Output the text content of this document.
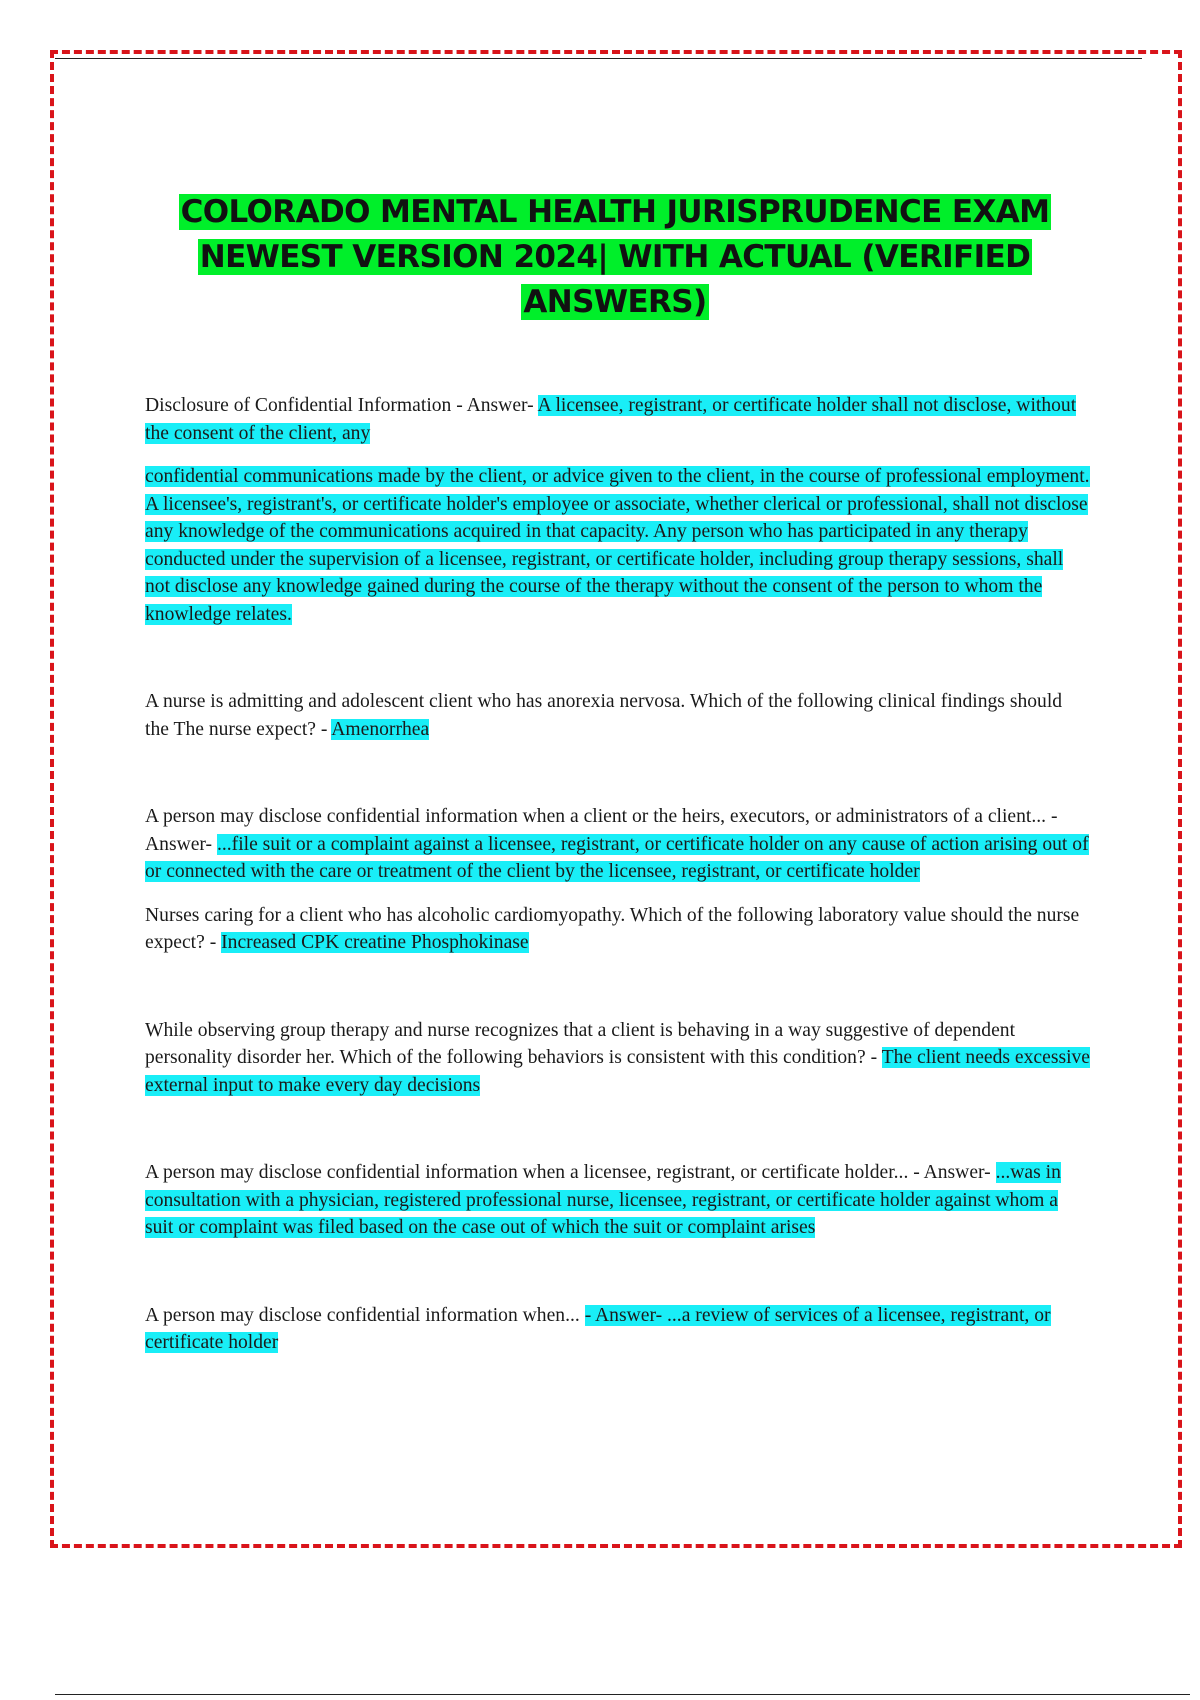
COLORADO MENTAL HEALTH JURISPRUDENCE EXAM
NEWEST VERSION 2024| WITH ACTUAL (VERIFIED
ANSWERS)

Disclosure of Confidential Information - Answer- A licensee, registrant, or certificate holder shall not disclose, without the consent of the client, any

confidential communications made by the client, or advice given to the client, in the course of professional employment. A licensee's, registrant's, or certificate holder's employee or associate, whether clerical or professional, shall not disclose any knowledge of the communications acquired in that capacity. Any person who has participated in any therapy conducted under the supervision of a licensee, registrant, or certificate holder, including group therapy sessions, shall not disclose any knowledge gained during the course of the therapy without the consent of the person to whom the knowledge relates.

A nurse is admitting and adolescent client who has anorexia nervosa. Which of the following clinical findings should the The nurse expect? - Amenorrhea

A person may disclose confidential information when a client or the heirs, executors, or administrators of a client... - Answer- ...file suit or a complaint against a licensee, registrant, or certificate holder on any cause of action arising out of or connected with the care or treatment of the client by the licensee, registrant, or certificate holder

Nurses caring for a client who has alcoholic cardiomyopathy. Which of the following laboratory value should the nurse expect? - Increased CPK creatine Phosphokinase

While observing group therapy and nurse recognizes that a client is behaving in a way suggestive of dependent personality disorder her. Which of the following behaviors is consistent with this condition? - The client needs excessive external input to make every day decisions

A person may disclose confidential information when a licensee, registrant, or certificate holder... - Answer- ...was in consultation with a physician, registered professional nurse, licensee, registrant, or certificate holder against whom a suit or complaint was filed based on the case out of which the suit or complaint arises

A person may disclose confidential information when... - Answer- ...a review of services of a licensee, registrant, or certificate holder
